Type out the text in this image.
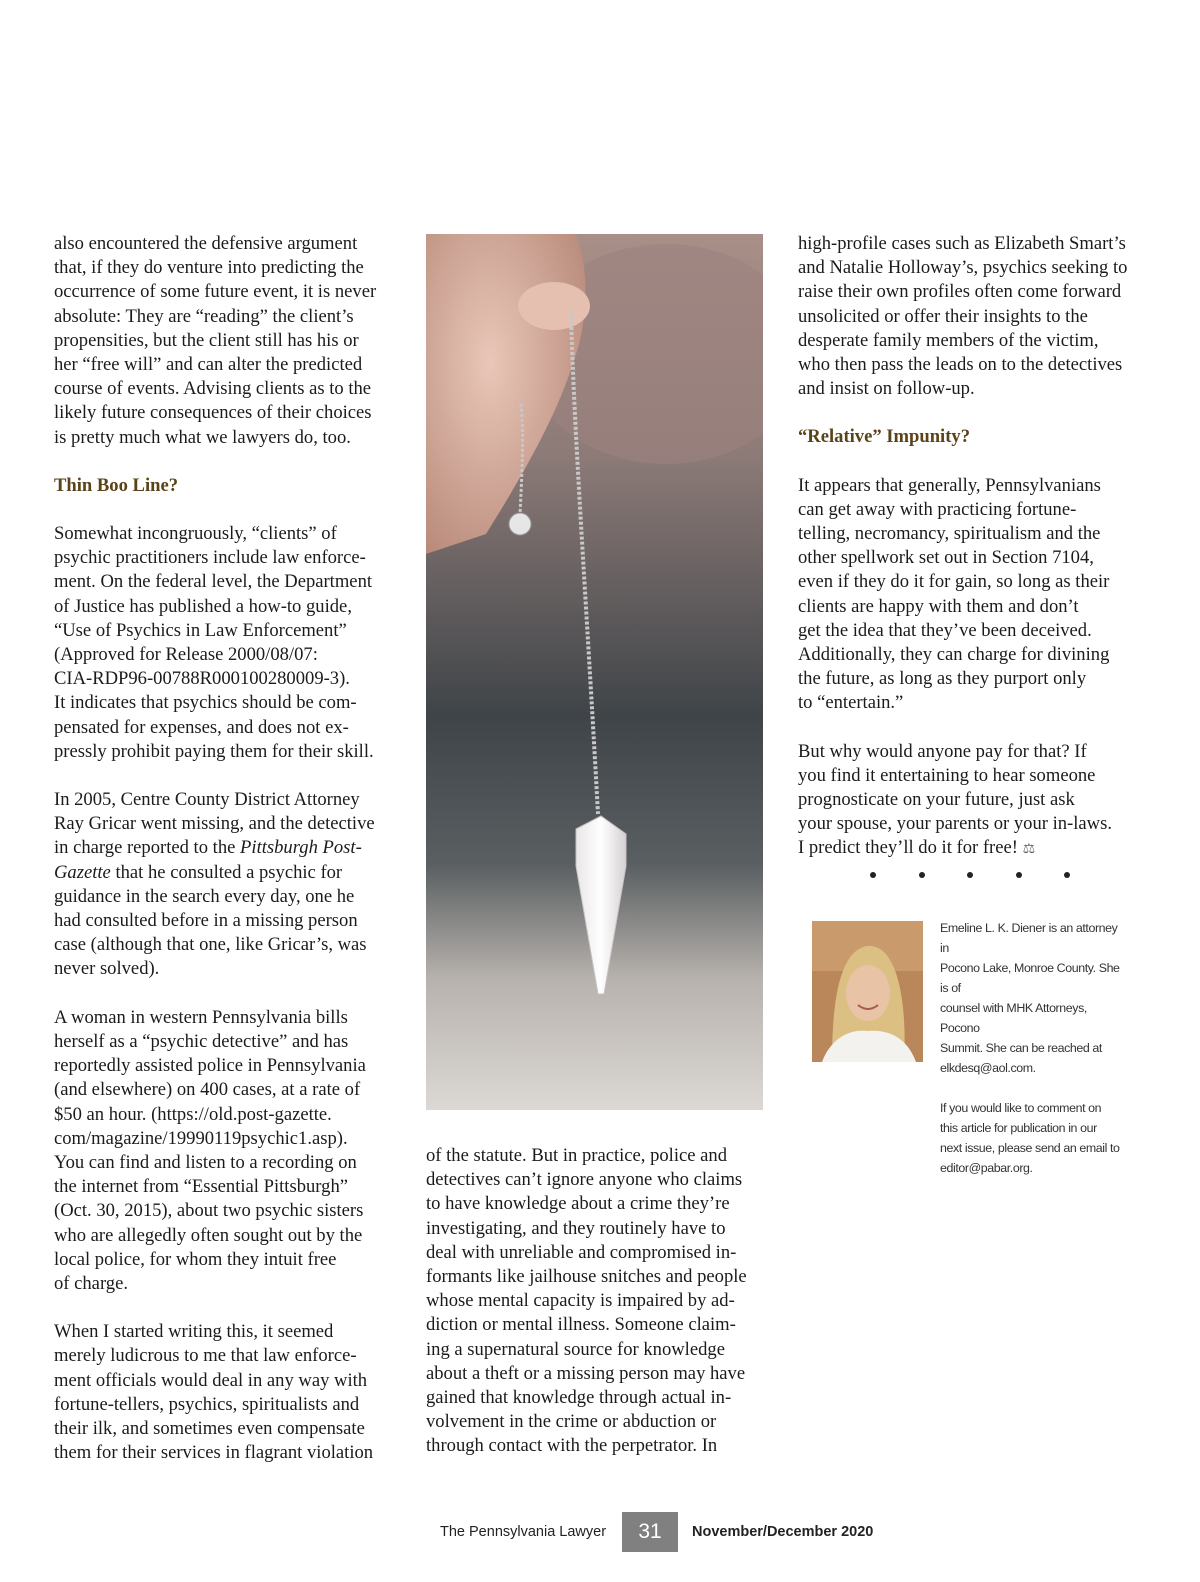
also encountered the defensive argument
that, if they do venture into predicting the
occurrence of some future event, it is never
absolute: They are “reading” the client’s
propensities, but the client still has his or
her “free will” and can alter the predicted
course of events. Advising clients as to the
likely future consequences of their choices
is pretty much what we lawyers do, too.

Thin Boo Line?

Somewhat incongruously, “clients” of
psychic practitioners include law enforce-
ment. On the federal level, the Department
of Justice has published a how-to guide,
“Use of Psychics in Law Enforcement”
(Approved for Release 2000/08/07:
CIA-RDP96-00788R000100280009-3).
It indicates that psychics should be com-
pensated for expenses, and does not ex-
pressly prohibit paying them for their skill.

In 2005, Centre County District Attorney
Ray Gricar went missing, and the detective
in charge reported to the Pittsburgh Post-
Gazette that he consulted a psychic for
guidance in the search every day, one he
had consulted before in a missing person
case (although that one, like Gricar’s, was
never solved).

A woman in western Pennsylvania bills
herself as a “psychic detective” and has
reportedly assisted police in Pennsylvania
(and elsewhere) on 400 cases, at a rate of
$50 an hour. (https://old.post-gazette.
com/magazine/19990119psychic1.asp).
You can find and listen to a recording on
the internet from “Essential Pittsburgh”
(Oct. 30, 2015), about two psychic sisters
who are allegedly often sought out by the
local police, for whom they intuit free
of charge.

When I started writing this, it seemed
merely ludicrous to me that law enforce-
ment officials would deal in any way with
fortune-tellers, psychics, spiritualists and
their ilk, and sometimes even compensate
them for their services in flagrant violation

of the statute. But in practice, police and
detectives can’t ignore anyone who claims
to have knowledge about a crime they’re
investigating, and they routinely have to
deal with unreliable and compromised in-
formants like jailhouse snitches and people
whose mental capacity is impaired by ad-
diction or mental illness. Someone claim-
ing a supernatural source for knowledge
about a theft or a missing person may have
gained that knowledge through actual in-
volvement in the crime or abduction or
through contact with the perpetrator. In

high-profile cases such as Elizabeth Smart’s
and Natalie Holloway’s, psychics seeking to
raise their own profiles often come forward
unsolicited or offer their insights to the
desperate family members of the victim,
who then pass the leads on to the detectives
and insist on follow-up.

“Relative” Impunity?

It appears that generally, Pennsylvanians
can get away with practicing fortune-
telling, necromancy, spiritualism and the
other spellwork set out in Section 7104,
even if they do it for gain, so long as their
clients are happy with them and don’t
get the idea that they’ve been deceived.
Additionally, they can charge for divining
the future, as long as they purport only
to “entertain.”

But why would anyone pay for that? If
you find it entertaining to hear someone
prognosticate on your future, just ask
your spouse, your parents or your in-laws.
I predict they’ll do it for free! ⚖

Emeline L. K. Diener is an attorney in
Pocono Lake, Monroe County. She is of
counsel with MHK Attorneys, Pocono
Summit. She can be reached at
elkdesq@aol.com.

If you would like to comment on
this article for publication in our
next issue, please send an email to
editor@pabar.org.

The Pennsylvania Lawyer	31	November/December 2020
